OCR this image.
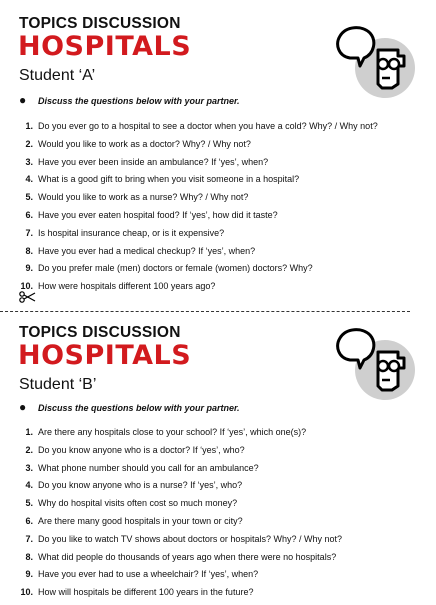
TOPICS DISCUSSION
HOSPITALS
Student ‘A’
● Discuss the questions below with your partner.
1. Do you ever go to a hospital to see a doctor when you have a cold? Why? / Why not?
2. Would you like to work as a doctor? Why? / Why not?
3. Have you ever been inside an ambulance? If ‘yes’, when?
4. What is a good gift to bring when you visit someone in a hospital?
5. Would you like to work as a nurse? Why? / Why not?
6. Have you ever eaten hospital food? If ‘yes’, how did it taste?
7. Is hospital insurance cheap, or is it expensive?
8. Have you ever had a medical checkup? If ‘yes’, when?
9. Do you prefer male (men) doctors or female (women) doctors? Why?
10. How were hospitals different 100 years ago?
TOPICS DISCUSSION
HOSPITALS
Student ‘B’
● Discuss the questions below with your partner.
1. Are there any hospitals close to your school? If ‘yes’, which one(s)?
2. Do you know anyone who is a doctor? If ‘yes’, who?
3. What phone number should you call for an ambulance?
4. Do you know anyone who is a nurse? If ‘yes’, who?
5. Why do hospital visits often cost so much money?
6. Are there many good hospitals in your town or city?
7. Do you like to watch TV shows about doctors or hospitals? Why? / Why not?
8. What did people do thousands of years ago when there were no hospitals?
9. Have you ever had to use a wheelchair? If ‘yes’, when?
10. How will hospitals be different 100 years in the future?
